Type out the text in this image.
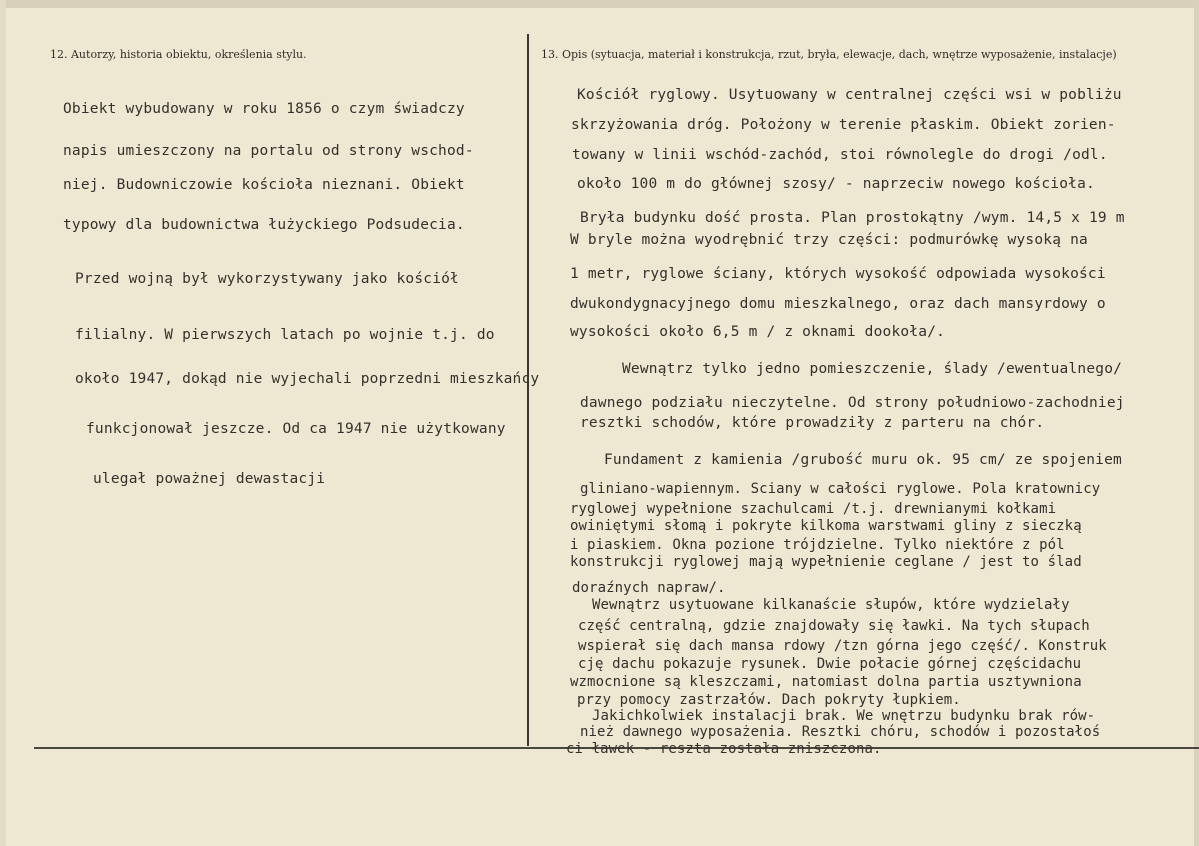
12. Autorzy, historia obiektu, określenia stylu.	13. Opis (sytuacja, materiał i konstrukcja, rzut, bryła, elewacje, dach, wnętrze wyposażenie, instalacje)
Obiekt wybudowany w roku 1856 o czym świadczy
napis umieszczony na portalu od strony wschod-
niej. Budowniczowie kościoła nieznani. Obiekt
typowy dla budownictwa łużyckiego Podsudecia.
Przed wojną był wykorzystywany jako kościół
filialny. W pierwszych latach po wojnie t.j. do
około 1947, dokąd nie wyjechali poprzedni mieszkańcy
funkcjonował jeszcze. Od ca 1947 nie użytkowany
ulegał poważnej dewastacji
Kościół ryglowy. Usytuowany w centralnej części wsi w pobliżu
skrzyżowania dróg. Położony w terenie płaskim. Obiekt zorien-
towany w linii wschód-zachód, stoi równolegle do drogi /odl.
około 100 m do głównej szosy/ - naprzeciw nowego kościoła.
Bryła budynku dość prosta. Plan prostokątny /wym. 14,5 x 19 m
W bryle można wyodrębnić trzy części: podmurówkę wysoką na
1 metr, ryglowe ściany, których wysokość odpowiada wysokości
dwukondygnacyjnego domu mieszkalnego, oraz dach mansyrdowy o
wysokości około 6,5 m / z oknami dookoła/.
Wewnątrz tylko jedno pomieszczenie, ślady /ewentualnego/
dawnego podziału nieczytelne. Od strony południowo-zachodniej
resztki schodów, które prowadziły z parteru na chór.
Fundament z kamienia /grubość muru ok. 95 cm/ ze spojeniem
gliniano-wapiennym. Sciany w całości ryglowe. Pola kratownicy
ryglowej wypełnione szachulcami /t.j. drewnianymi kołkami
owiniętymi słomą i pokryte kilkoma warstwami gliny z sieczką
i piaskiem. Okna pozione trójdzielne. Tylko niektóre z pól
konstrukcji ryglowej mają wypełnienie ceglane / jest to ślad
doraźnych napraw/.
Wewnątrz usytuowane kilkanaście słupów, które wydzielały
część centralną, gdzie znajdowały się ławki. Na tych słupach
wspierał się dach mansa rdowy /tzn górna jego część/. Konstruk
cję dachu pokazuje rysunek. Dwie połacie górnej częścidachu
wzmocnione są kleszczami, natomiast dolna partia usztywniona
przy pomocy zastrzałów. Dach pokryty łupkiem.
Jakichkolwiek instalacji brak. We wnętrzu budynku brak rów-
nież dawnego wyposażenia. Resztki chóru, schodów i pozostałoś
ci ławek - reszta została zniszczona.
